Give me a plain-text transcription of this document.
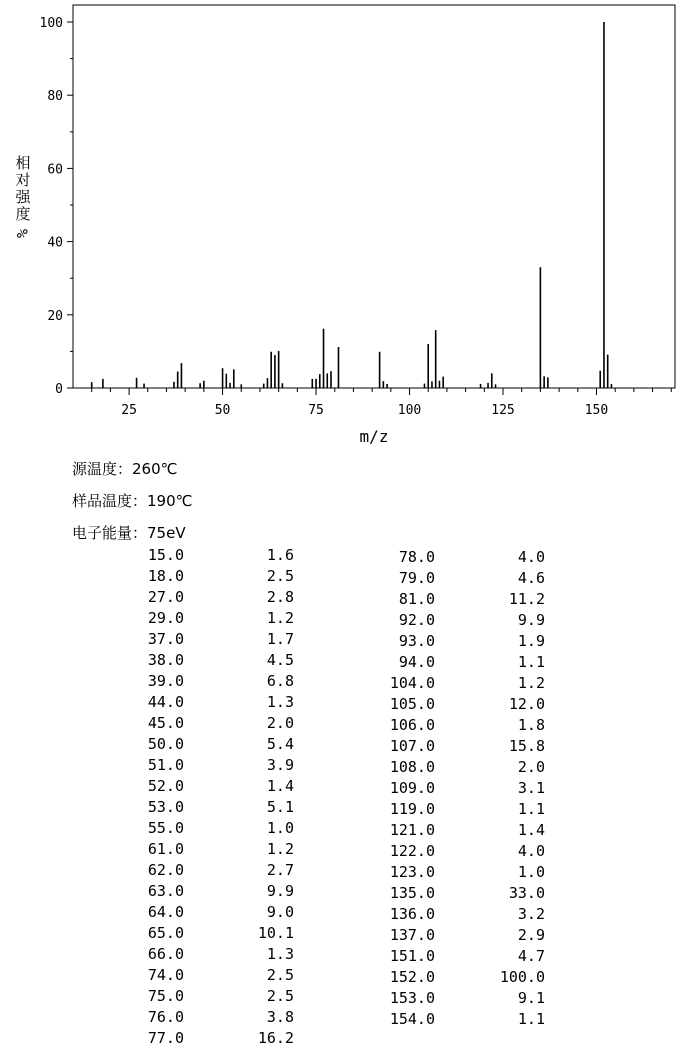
0
20
40
60
80
100
25	50	75	100	125	150
m/z
相
对
强
度
%
源温度：260℃
样品温度：190℃
电子能量：75eV
15.0	1.6
18.0	2.5
27.0	2.8
29.0	1.2
37.0	1.7
38.0	4.5
39.0	6.8
44.0	1.3
45.0	2.0
50.0	5.4
51.0	3.9
52.0	1.4
53.0	5.1
55.0	1.0
61.0	1.2
62.0	2.7
63.0	9.9
64.0	9.0
65.0	10.1
66.0	1.3
74.0	2.5
75.0	2.5
76.0	3.8
77.0	16.2
78.0	4.0
79.0	4.6
81.0	11.2
92.0	9.9
93.0	1.9
94.0	1.1
104.0	1.2
105.0	12.0
106.0	1.8
107.0	15.8
108.0	2.0
109.0	3.1
119.0	1.1
121.0	1.4
122.0	4.0
123.0	1.0
135.0	33.0
136.0	3.2
137.0	2.9
151.0	4.7
152.0	100.0
153.0	9.1
154.0	1.1
